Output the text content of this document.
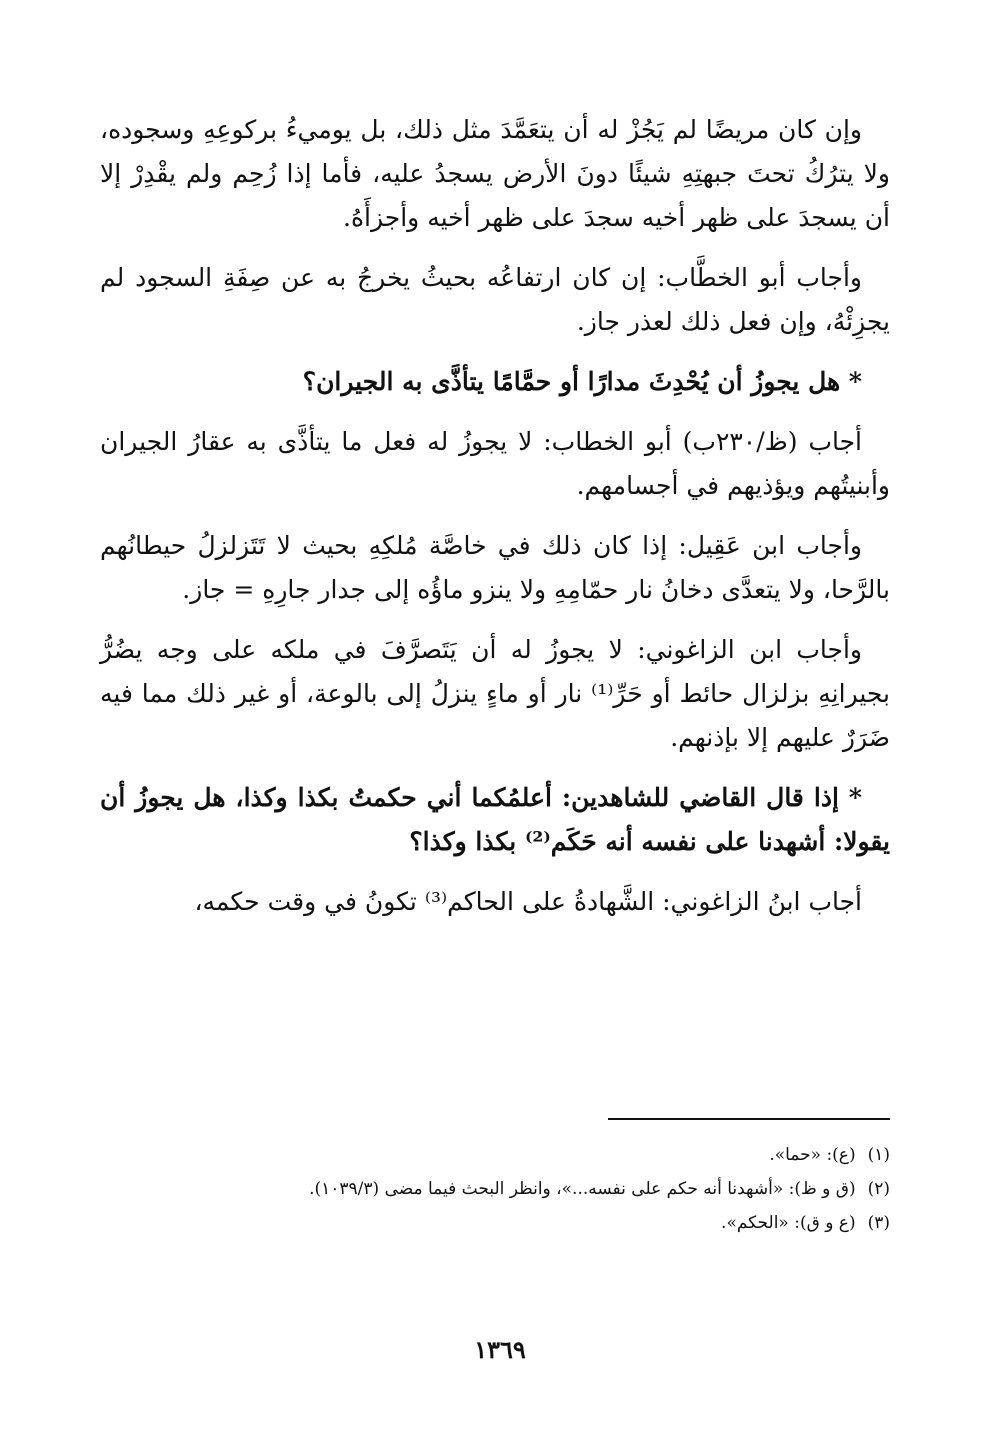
وإن كان مريضًا لم يَجُزْ له أن يتعَمَّدَ مثل ذلك، بل يوميءُ بركوعِهِ وسجوده، ولا يترُكُ تحتَ جبهتِهِ شيئًا دونَ الأرض يسجدُ عليه، فأما إذا زُحِم ولم يقْدِرْ إلا أن يسجدَ على ظهر أخيه سجدَ على ظهر أخيه وأجزأَهُ.

وأجاب أبو الخطَّاب: إن كان ارتفاعُه بحيثُ يخرجُ به عن صِفَةِ السجود لم يجزِئْهُ، وإن فعل ذلك لعذر جاز.

* هل يجوزُ أن يُحْدِثَ مدارًا أو حمَّامًا يتأذَّى به الجيران؟

أجاب (ظ/٢٣٠ب) أبو الخطاب: لا يجوزُ له فعل ما يتأذَّى به عقارُ الجيران وأبنيتُهم ويؤذيهم في أجسامهم.

وأجاب ابن عَقِيل: إذا كان ذلك في خاصَّة مُلكِهِ بحيث لا تَتَزلزلُ حيطانُهم بالرَّحا، ولا يتعدَّى دخانُ نار حمّامِهِ ولا ينزو ماؤُه إلى جدار جارِهِ = جاز.

وأجاب ابن الزاغوني: لا يجوزُ له أن يَتَصرَّفَ في ملكه على وجه يضُرُّ بجيرانِهِ بزلزال حائط أو حَرِّ⁽¹⁾ نار أو ماءٍ ينزلُ إلى بالوعة، أو غير ذلك مما فيه ضَرَرٌ عليهم إلا بإذنهم.

* إذا قال القاضي للشاهدين: أعلمُكما أني حكمتُ بكذا وكذا، هل يجوزُ أن يقولا: أشهدنا على نفسه أنه حَكَم⁽²⁾ بكذا وكذا؟

أجاب ابنُ الزاغوني: الشَّهادةُ على الحاكم⁽³⁾ تكونُ في وقت حكمه،

(١)
(ع): «حما».
(٢)
(ق و ظ): «أشهدنا أنه حكم على نفسه...»، وانظر البحث فيما مضى (١٠٣٩/٣).
(٣)
(ع و ق): «الحكم».
١٣٦٩
